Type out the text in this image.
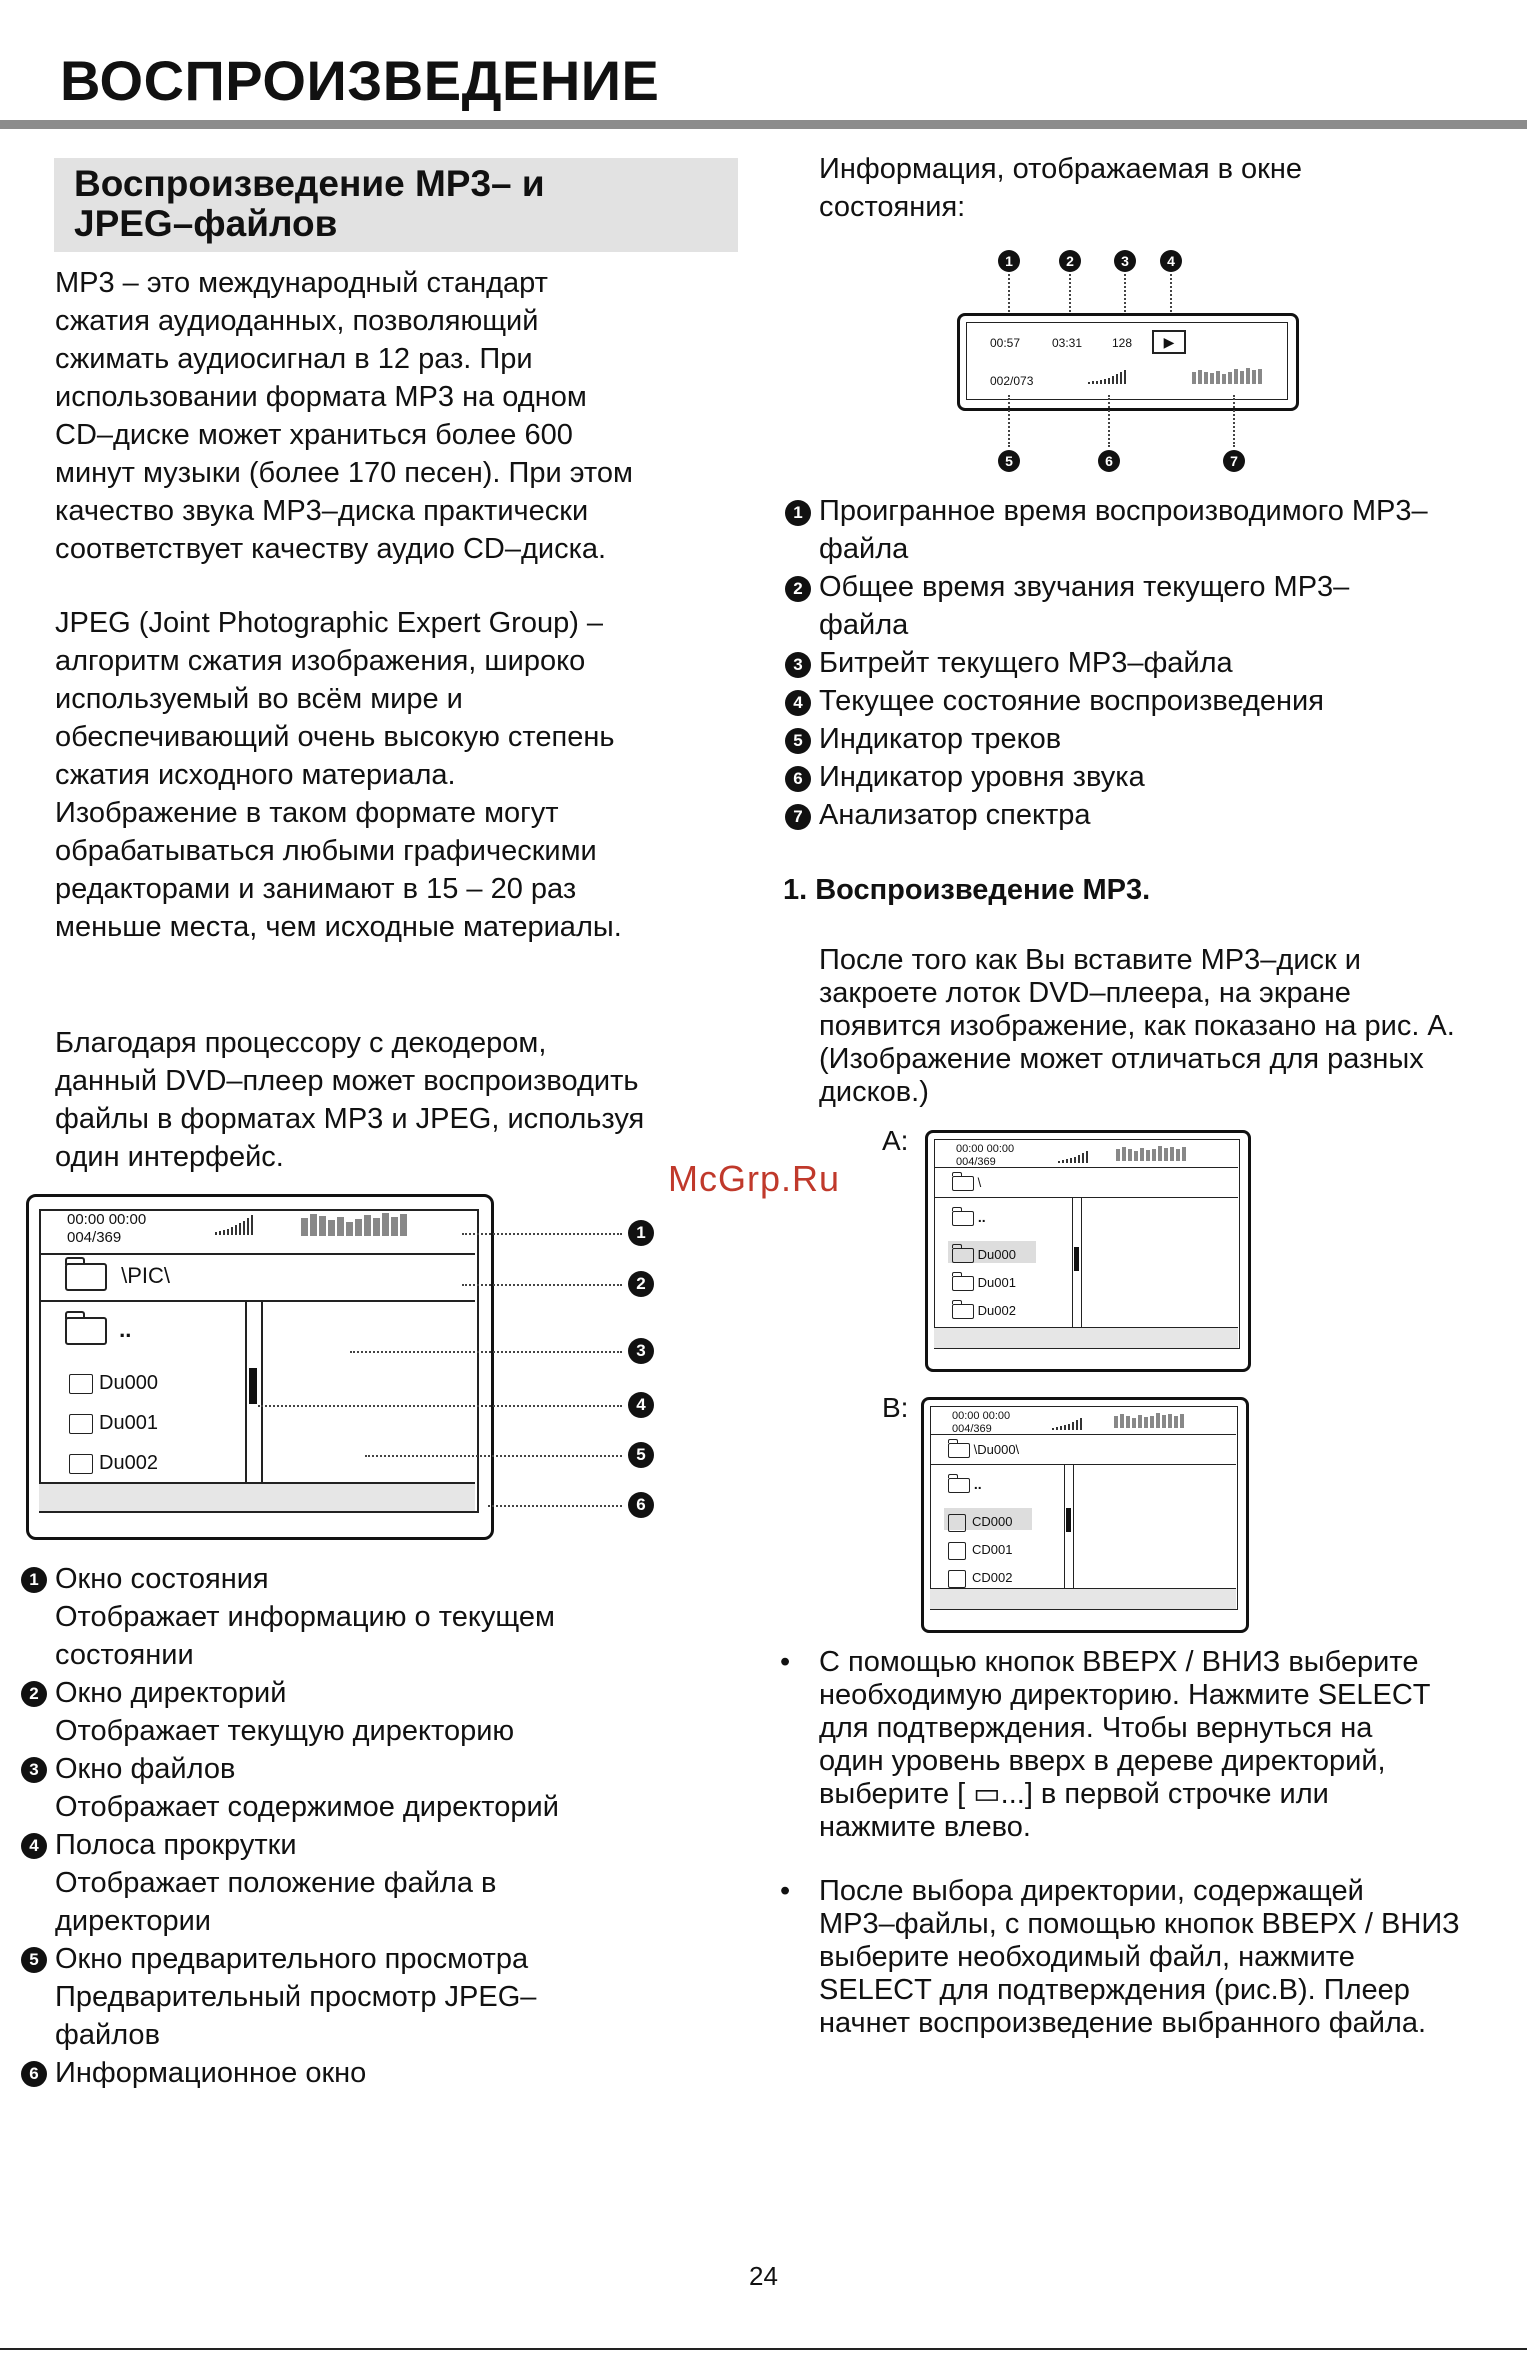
ВОСПРОИЗВЕДЕНИЕ
Воспроизведение MP3– и
JPEG–файлов

MP3 – это международный стандарт
сжатия аудиоданных, позволяющий
сжимать аудиосигнал в 12 раз. При
использовании формата MP3 на одном
CD–диске может храниться более 600
минут музыки (более 170 песен). При этом
качество звука MP3–диска практически
соответствует качеству аудио CD–диска.

JPEG (Joint Photographic Expert Group) –
алгоритм сжатия изображения, широко
используемый во всём мире и
обеспечивающий очень высокую степень
сжатия исходного материала.
Изображение в таком формате могут
обрабатываться любыми графическими
редакторами и занимают в 15 – 20 раз
меньше места, чем исходные материалы.

Благодаря процессору с декодером,
данный DVD–плеер может воспроизводить
файлы в форматах MP3 и JPEG, используя
один интерфейс.

00:00 00:00
004/369
\PIC\
..
Du000
Du001
Du002
1
2
3
4
5
6
1 Окно состояния
Отображает информацию о текущем
состоянии
2 Окно директорий
Отображает текущую директорию
3 Окно файлов
Отображает содержимое директорий
4 Полоса прокрутки
Отображает положение файла в
директории
5 Окно предварительного просмотра
Предварительный просмотр JPEG–
файлов
6 Информационное окно

Информация, отображаемая в окне
состояния:

1	2	3	4
00:57	03:31 128	▶
002/073
5	6	7
1 Проигранное время воспроизводимого MP3–
файла
2 Общее время звучания текущего MP3–
файла
3 Битрейт текущего MP3–файла
4 Текущее состояние воспроизведения
5 Индикатор треков
6 Индикатор уровня звука
7 Анализатор спектра
1. Воспроизведение MP3.

После того как Вы вставите MP3–диск и
закроете лоток DVD–плеера, на экране
появится изображение, как показано на рис. A.
(Изображение может отличаться для разных
дисков.)

A:	00:00 00:00
004/369
\
..
Du000
Du001
Du002
B:	00:00 00:00
004/369
\Du000\
..
CD000
CD001
CD002
• С помощью кнопок ВВЕРХ / ВНИЗ выберите
необходимую директорию. Нажмите SELECT
для подтверждения. Чтобы вернуться на
один уровень вверх в дереве директорий,
выберите [ ▭...] в первой строчке или
нажмите влево.

• После выбора директории, содержащей
MP3–файлы, с помощью кнопок ВВЕРХ / ВНИЗ
выберите необходимый файл, нажмите
SELECT для подтверждения (рис.B). Плеер
начнет воспроизведение выбранного файла.

McGrp.Ru
24
